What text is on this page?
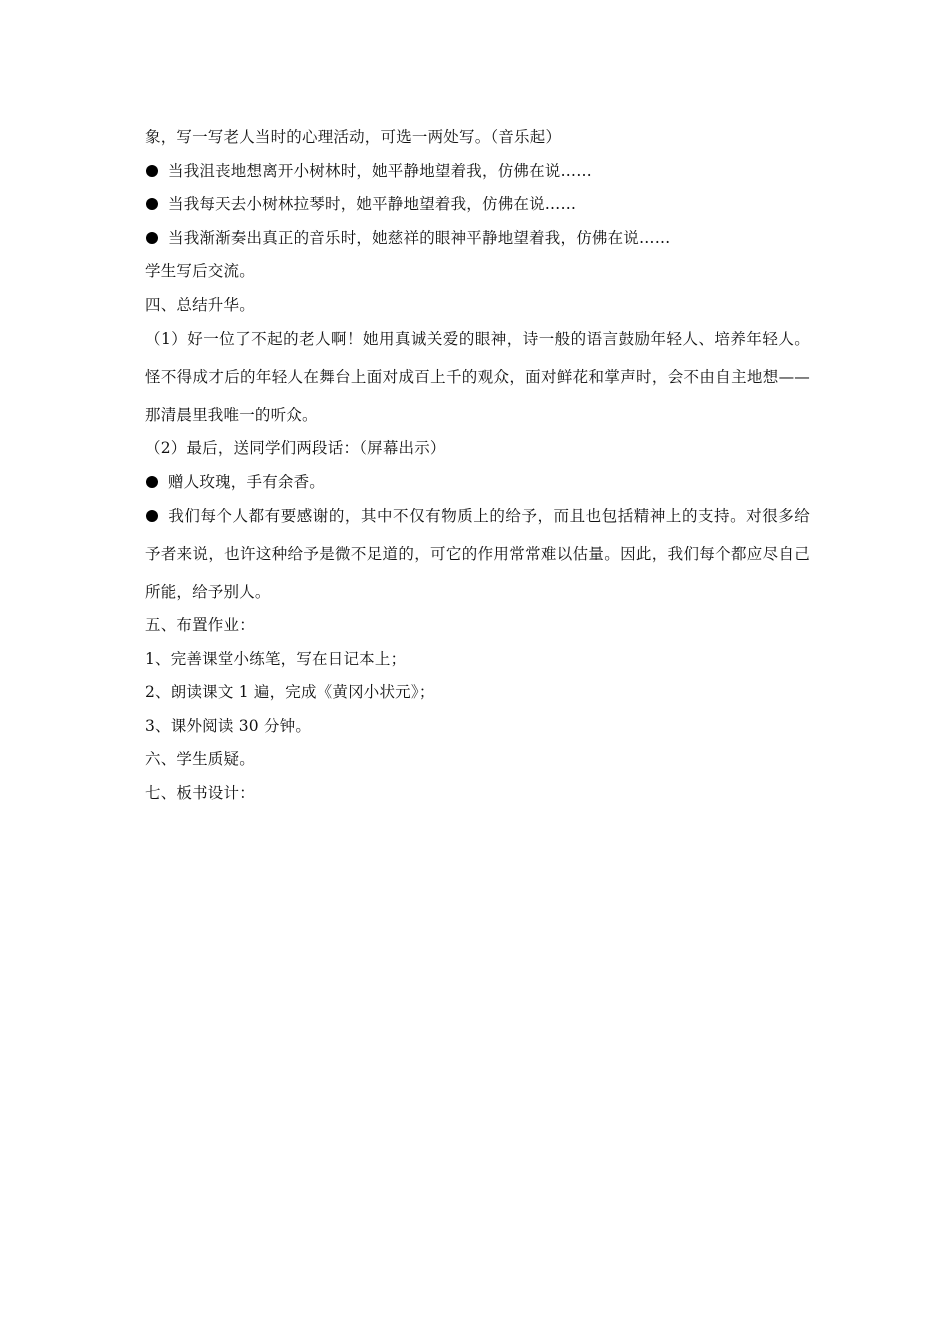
象，写一写老人当时的心理活动，可选一两处写。（音乐起）
当我沮丧地想离开小树林时，她平静地望着我，仿佛在说……
当我每天去小树林拉琴时，她平静地望着我，仿佛在说……
当我渐渐奏出真正的音乐时，她慈祥的眼神平静地望着我，仿佛在说……
学生写后交流。
四、总结升华。
（1）好一位了不起的老人啊！她用真诚关爱的眼神，诗一般的语言鼓励年轻人、培养年轻人。怪不得成才后的年轻人在舞台上面对成百上千的观众，面对鲜花和掌声时，会不由自主地想——那清晨里我唯一的听众。
（2）最后，送同学们两段话：（屏幕出示）
赠人玫瑰，手有余香。
我们每个人都有要感谢的，其中不仅有物质上的给予，而且也包括精神上的支持。对很多给予者来说，也许这种给予是微不足道的，可它的作用常常难以估量。因此，我们每个都应尽自己所能，给予别人。
五、布置作业：
1、完善课堂小练笔，写在日记本上；
2、朗读课文 1 遍，完成《黄冈小状元》；
3、课外阅读 30 分钟。
六、学生质疑。
七、板书设计：
